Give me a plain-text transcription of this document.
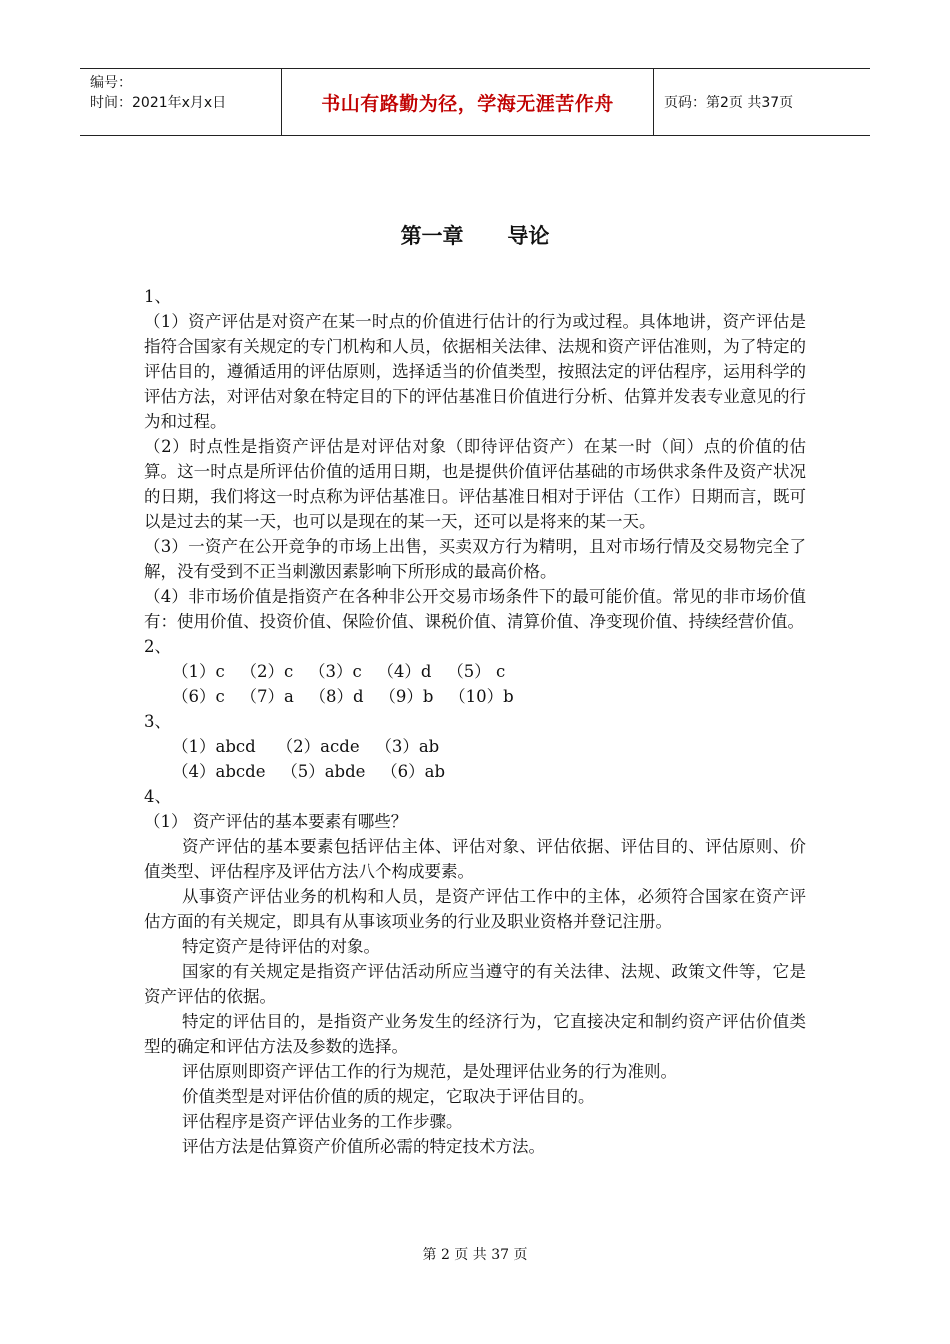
编号：
时间：2021年x月x日	书山有路勤为径，学海无涯苦作舟	页码：第2页 共37页
第一章      导论

1、

（1）资产评估是对资产在某一时点的价值进行估计的行为或过程。具体地讲，资产评估是指符合国家有关规定的专门机构和人员，依据相关法律、法规和资产评估准则，为了特定的评估目的，遵循适用的评估原则，选择适当的价值类型，按照法定的评估程序，运用科学的评估方法，对评估对象在特定目的下的评估基准日价值进行分析、估算并发表专业意见的行为和过程。

（2）时点性是指资产评估是对评估对象（即待评估资产）在某一时（间）点的价值的估算。这一时点是所评估价值的适用日期，也是提供价值评估基础的市场供求条件及资产状况的日期，我们将这一时点称为评估基准日。评估基准日相对于评估（工作）日期而言，既可以是过去的某一天，也可以是现在的某一天，还可以是将来的某一天。

（3）一资产在公开竞争的市场上出售，买卖双方行为精明，且对市场行情及交易物完全了解，没有受到不正当刺激因素影响下所形成的最高价格。

（4）非市场价值是指资产在各种非公开交易市场条件下的最可能价值。常见的非市场价值有：使用价值、投资价值、保险价值、课税价值、清算价值、净变现价值、持续经营价值。

2、

（1）c   （2）c   （3）c   （4）d   （5） c

（6）c   （7）a   （8）d   （9）b   （10）b

3、

（1）abcd    （2）acde   （3）ab

（4）abcde   （5）abde   （6）ab

4、

（1） 资产评估的基本要素有哪些？

资产评估的基本要素包括评估主体、评估对象、评估依据、评估目的、评估原则、价值类型、评估程序及评估方法八个构成要素。

从事资产评估业务的机构和人员，是资产评估工作中的主体，必须符合国家在资产评估方面的有关规定，即具有从事该项业务的行业及职业资格并登记注册。

特定资产是待评估的对象。

国家的有关规定是指资产评估活动所应当遵守的有关法律、法规、政策文件等，它是资产评估的依据。

特定的评估目的，是指资产业务发生的经济行为，它直接决定和制约资产评估价值类型的确定和评估方法及参数的选择。

评估原则即资产评估工作的行为规范，是处理评估业务的行为准则。

价值类型是对评估价值的质的规定，它取决于评估目的。

评估程序是资产评估业务的工作步骤。

评估方法是估算资产价值所必需的特定技术方法。

第 2 页 共 37 页
